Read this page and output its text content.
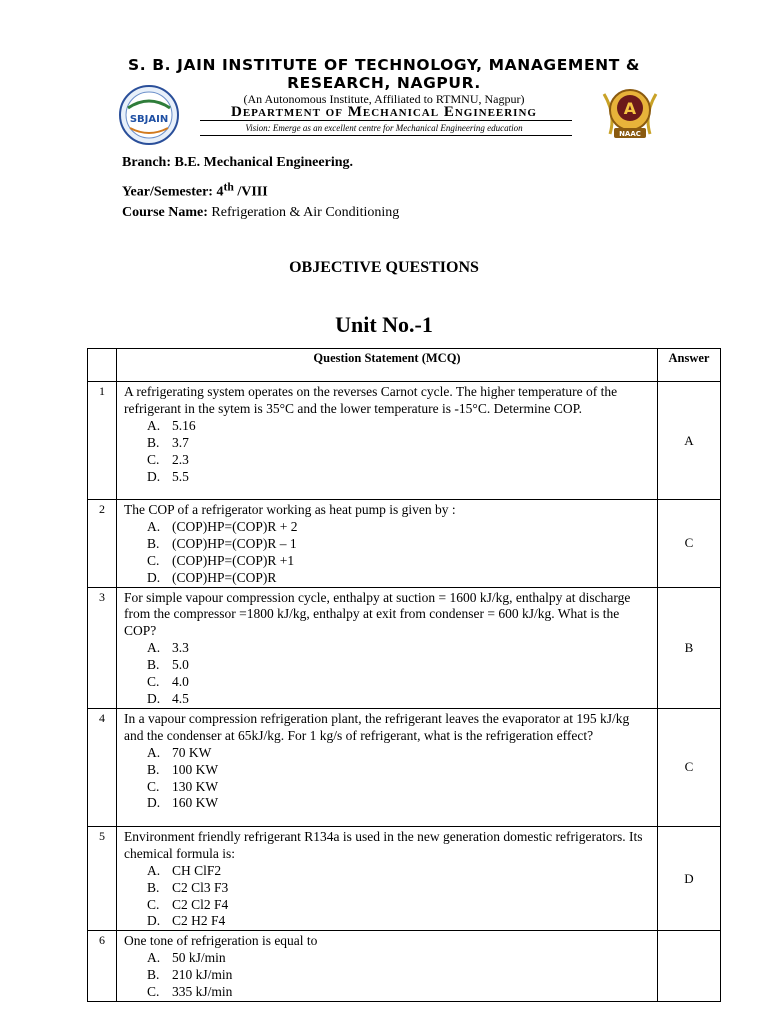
S. B. JAIN INSTITUTE OF TECHNOLOGY, MANAGEMENT &
RESEARCH, NAGPUR.
(An Autonomous Institute, Affiliated to RTMNU, Nagpur)
Department of Mechanical Engineering
Vision: Emerge as an excellent centre for Mechanical Engineering education
SBJAIN
A
NAAC
Branch: B.E. Mechanical Engineering.
Year/Semester: 4th /VIII
Course Name: Refrigeration & Air Conditioning
OBJECTIVE QUESTIONS
Unit No.-1
	Question Statement (MCQ)	Answer
1	A refrigerating system operates on the reverses Carnot cycle. The higher temperature of the refrigerant in the sytem is 35°C and the lower temperature is -15°C. Determine COP.
A. 5.16
B. 3.7
C. 2.3
D. 5.5	A
2	The COP of a refrigerator working as heat pump is given by :
A. (COP)HP=(COP)R + 2
B. (COP)HP=(COP)R – 1
C. (COP)HP=(COP)R +1
D. (COP)HP=(COP)R	C
3	For simple vapour compression cycle, enthalpy at suction = 1600 kJ/kg, enthalpy at discharge from the compressor =1800 kJ/kg, enthalpy at exit from condenser = 600 kJ/kg. What is the COP?
A. 3.3
B. 5.0
C. 4.0
D. 4.5	B
4	In a vapour compression refrigeration plant, the refrigerant leaves the evaporator at 195 kJ/kg and the condenser at 65kJ/kg. For 1 kg/s of refrigerant, what is the refrigeration effect?
A. 70 KW
B. 100 KW
C. 130 KW
D. 160 KW	C
5	Environment friendly refrigerant R134a is used in the new generation domestic refrigerators. Its chemical formula is:
A. CH ClF2
B. C2 Cl3 F3
C. C2 Cl2 F4
D. C2 H2 F4	D
6	One tone of refrigeration is equal to
A. 50 kJ/min
B. 210 kJ/min
C. 335 kJ/min	
